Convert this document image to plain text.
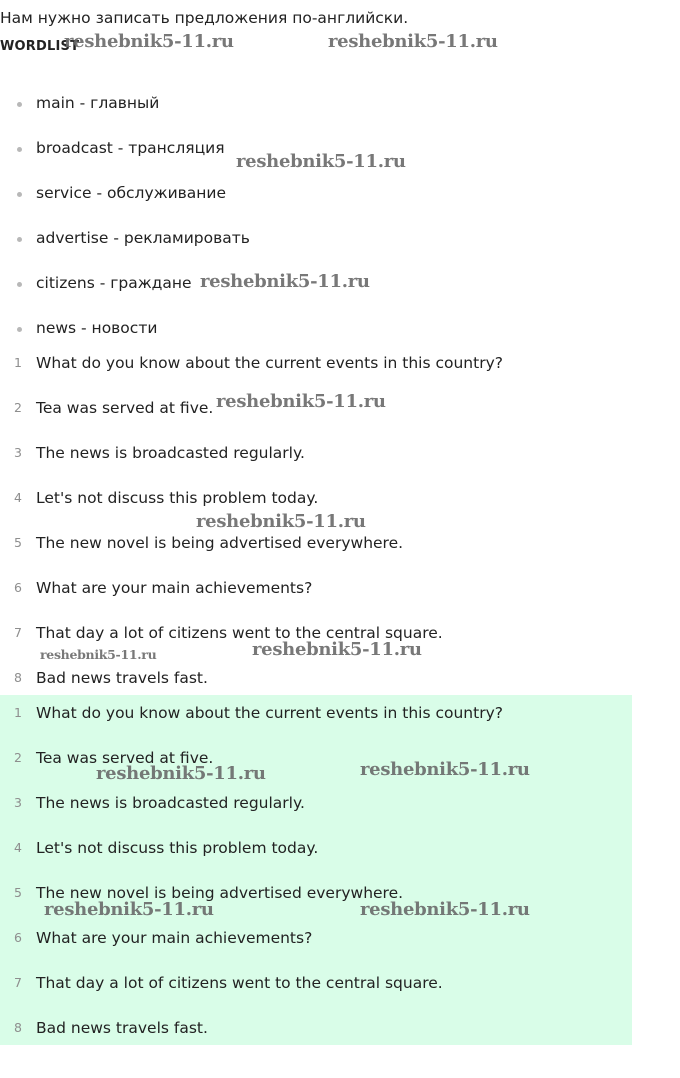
Нам нужно записать предложения по-английски.
WORDLIST
main - главный
broadcast - трансляция
service - обслуживание
advertise - рекламировать
citizens - граждане
news - новости
1 What do you know about the current events in this country?
2 Tea was served at five.
3 The news is broadcasted regularly.
4 Let's not discuss this problem today.
5 The new novel is being advertised everywhere.
6 What are your main achievements?
7 That day a lot of citizens went to the central square.
8 Bad news travels fast.
1 What do you know about the current events in this country?
2 Tea was served at five.
3 The news is broadcasted regularly.
4 Let's not discuss this problem today.
5 The new novel is being advertised everywhere.
6 What are your main achievements?
7 That day a lot of citizens went to the central square.
8 Bad news travels fast.
reshebnik5-11.ru	reshebnik5-11.ru
reshebnik5-11.ru
reshebnik5-11.ru
reshebnik5-11.ru
reshebnik5-11.ru
reshebnik5-11.ru	reshebnik5-11.ru
reshebnik5-11.ru	reshebnik5-11.ru
reshebnik5-11.ru	reshebnik5-11.ru
